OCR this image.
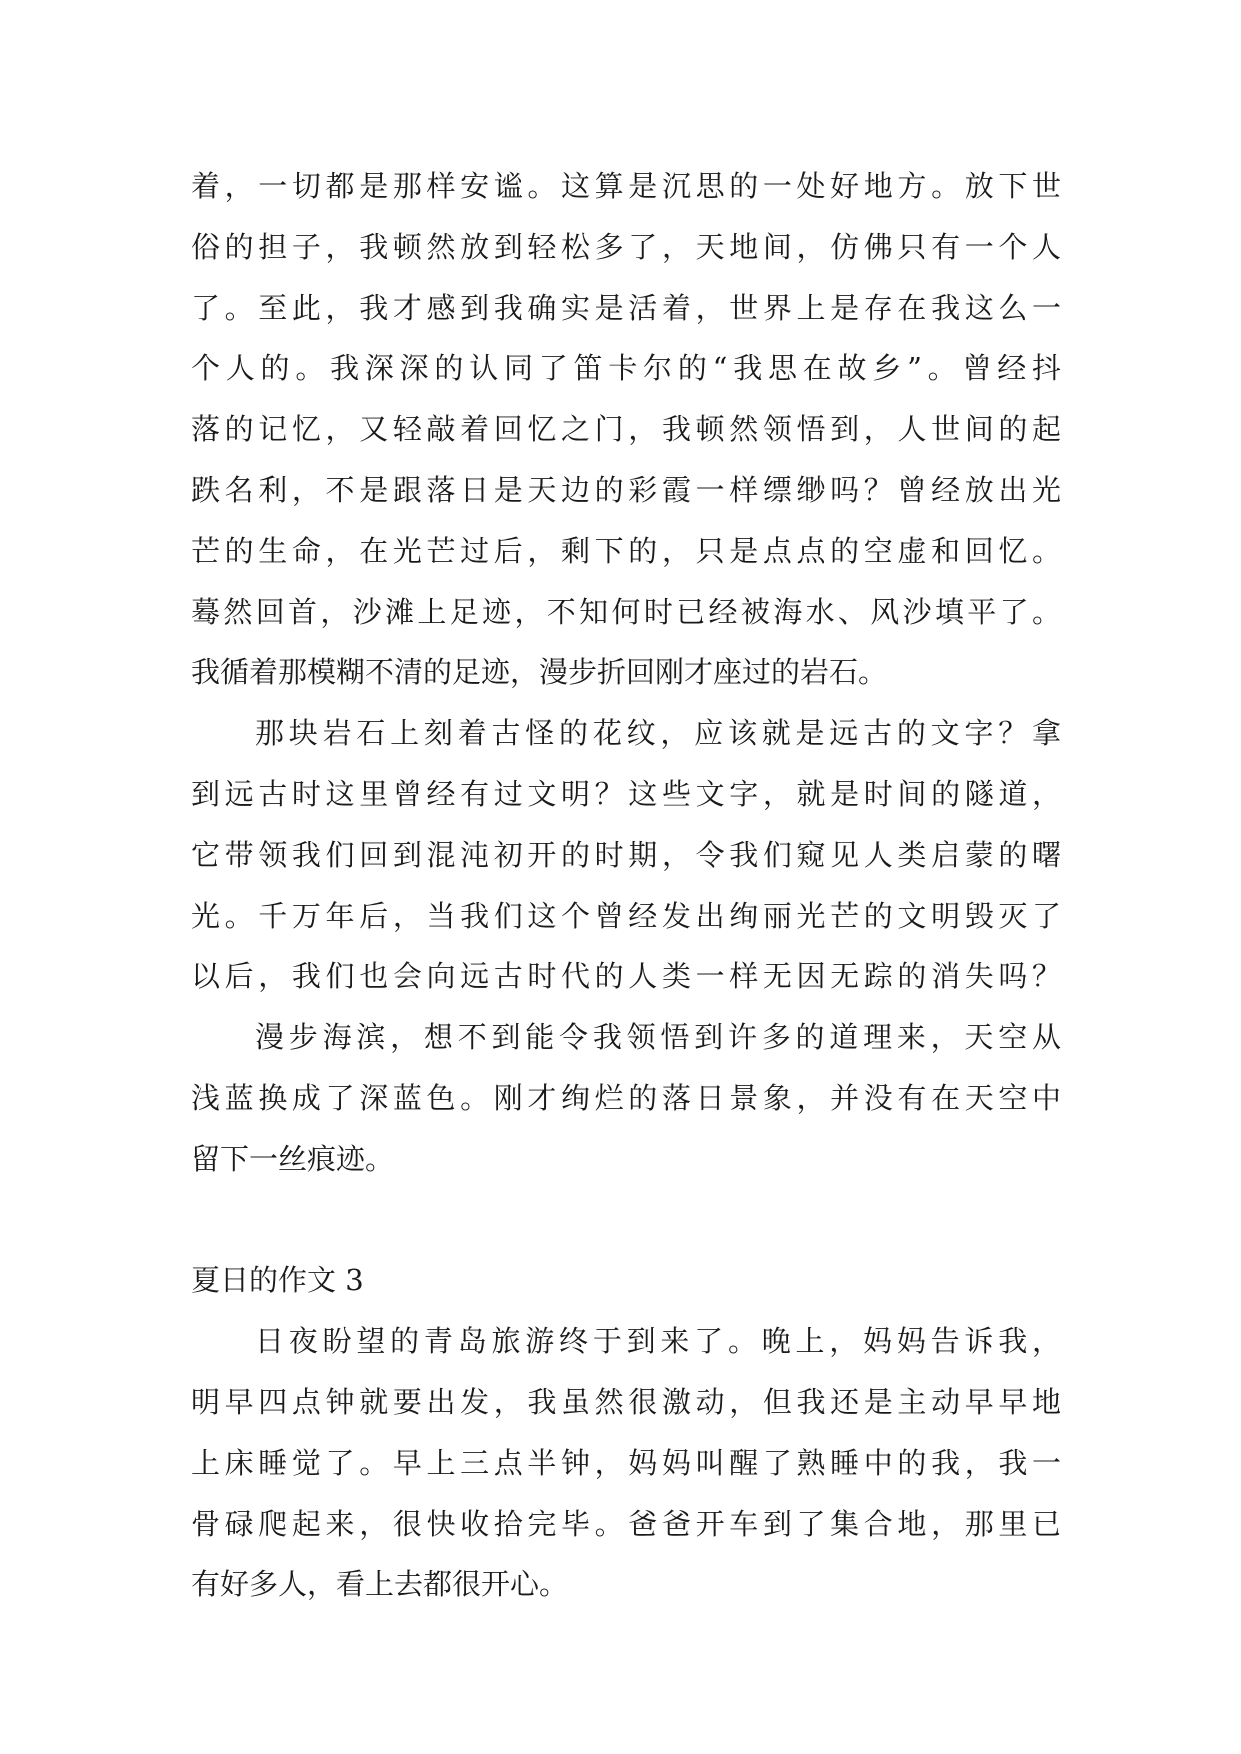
着，一切都是那样安谧。这算是沉思的一处好地方。放下世
俗的担子，我顿然放到轻松多了，天地间，仿佛只有一个人
了。至此，我才感到我确实是活着，世界上是存在我这么一
个人的。我深深的认同了笛卡尔的“我思在故乡”。曾经抖
落的记忆，又轻敲着回忆之门，我顿然领悟到，人世间的起
跌名利，不是跟落日是天边的彩霞一样缥缈吗？曾经放出光
芒的生命，在光芒过后，剩下的，只是点点的空虚和回忆。
蓦然回首，沙滩上足迹，不知何时已经被海水、风沙填平了。
我循着那模糊不清的足迹，漫步折回刚才座过的岩石。
那块岩石上刻着古怪的花纹，应该就是远古的文字？拿
到远古时这里曾经有过文明？这些文字，就是时间的隧道，
它带领我们回到混沌初开的时期，令我们窥见人类启蒙的曙
光。千万年后，当我们这个曾经发出绚丽光芒的文明毁灭了
以后，我们也会向远古时代的人类一样无因无踪的消失吗？
漫步海滨，想不到能令我领悟到许多的道理来，天空从
浅蓝换成了深蓝色。刚才绚烂的落日景象，并没有在天空中
留下一丝痕迹。
夏日的作文 3
日夜盼望的青岛旅游终于到来了。晚上，妈妈告诉我，
明早四点钟就要出发，我虽然很激动，但我还是主动早早地
上床睡觉了。早上三点半钟，妈妈叫醒了熟睡中的我，我一
骨碌爬起来，很快收拾完毕。爸爸开车到了集合地，那里已
有好多人，看上去都很开心。
